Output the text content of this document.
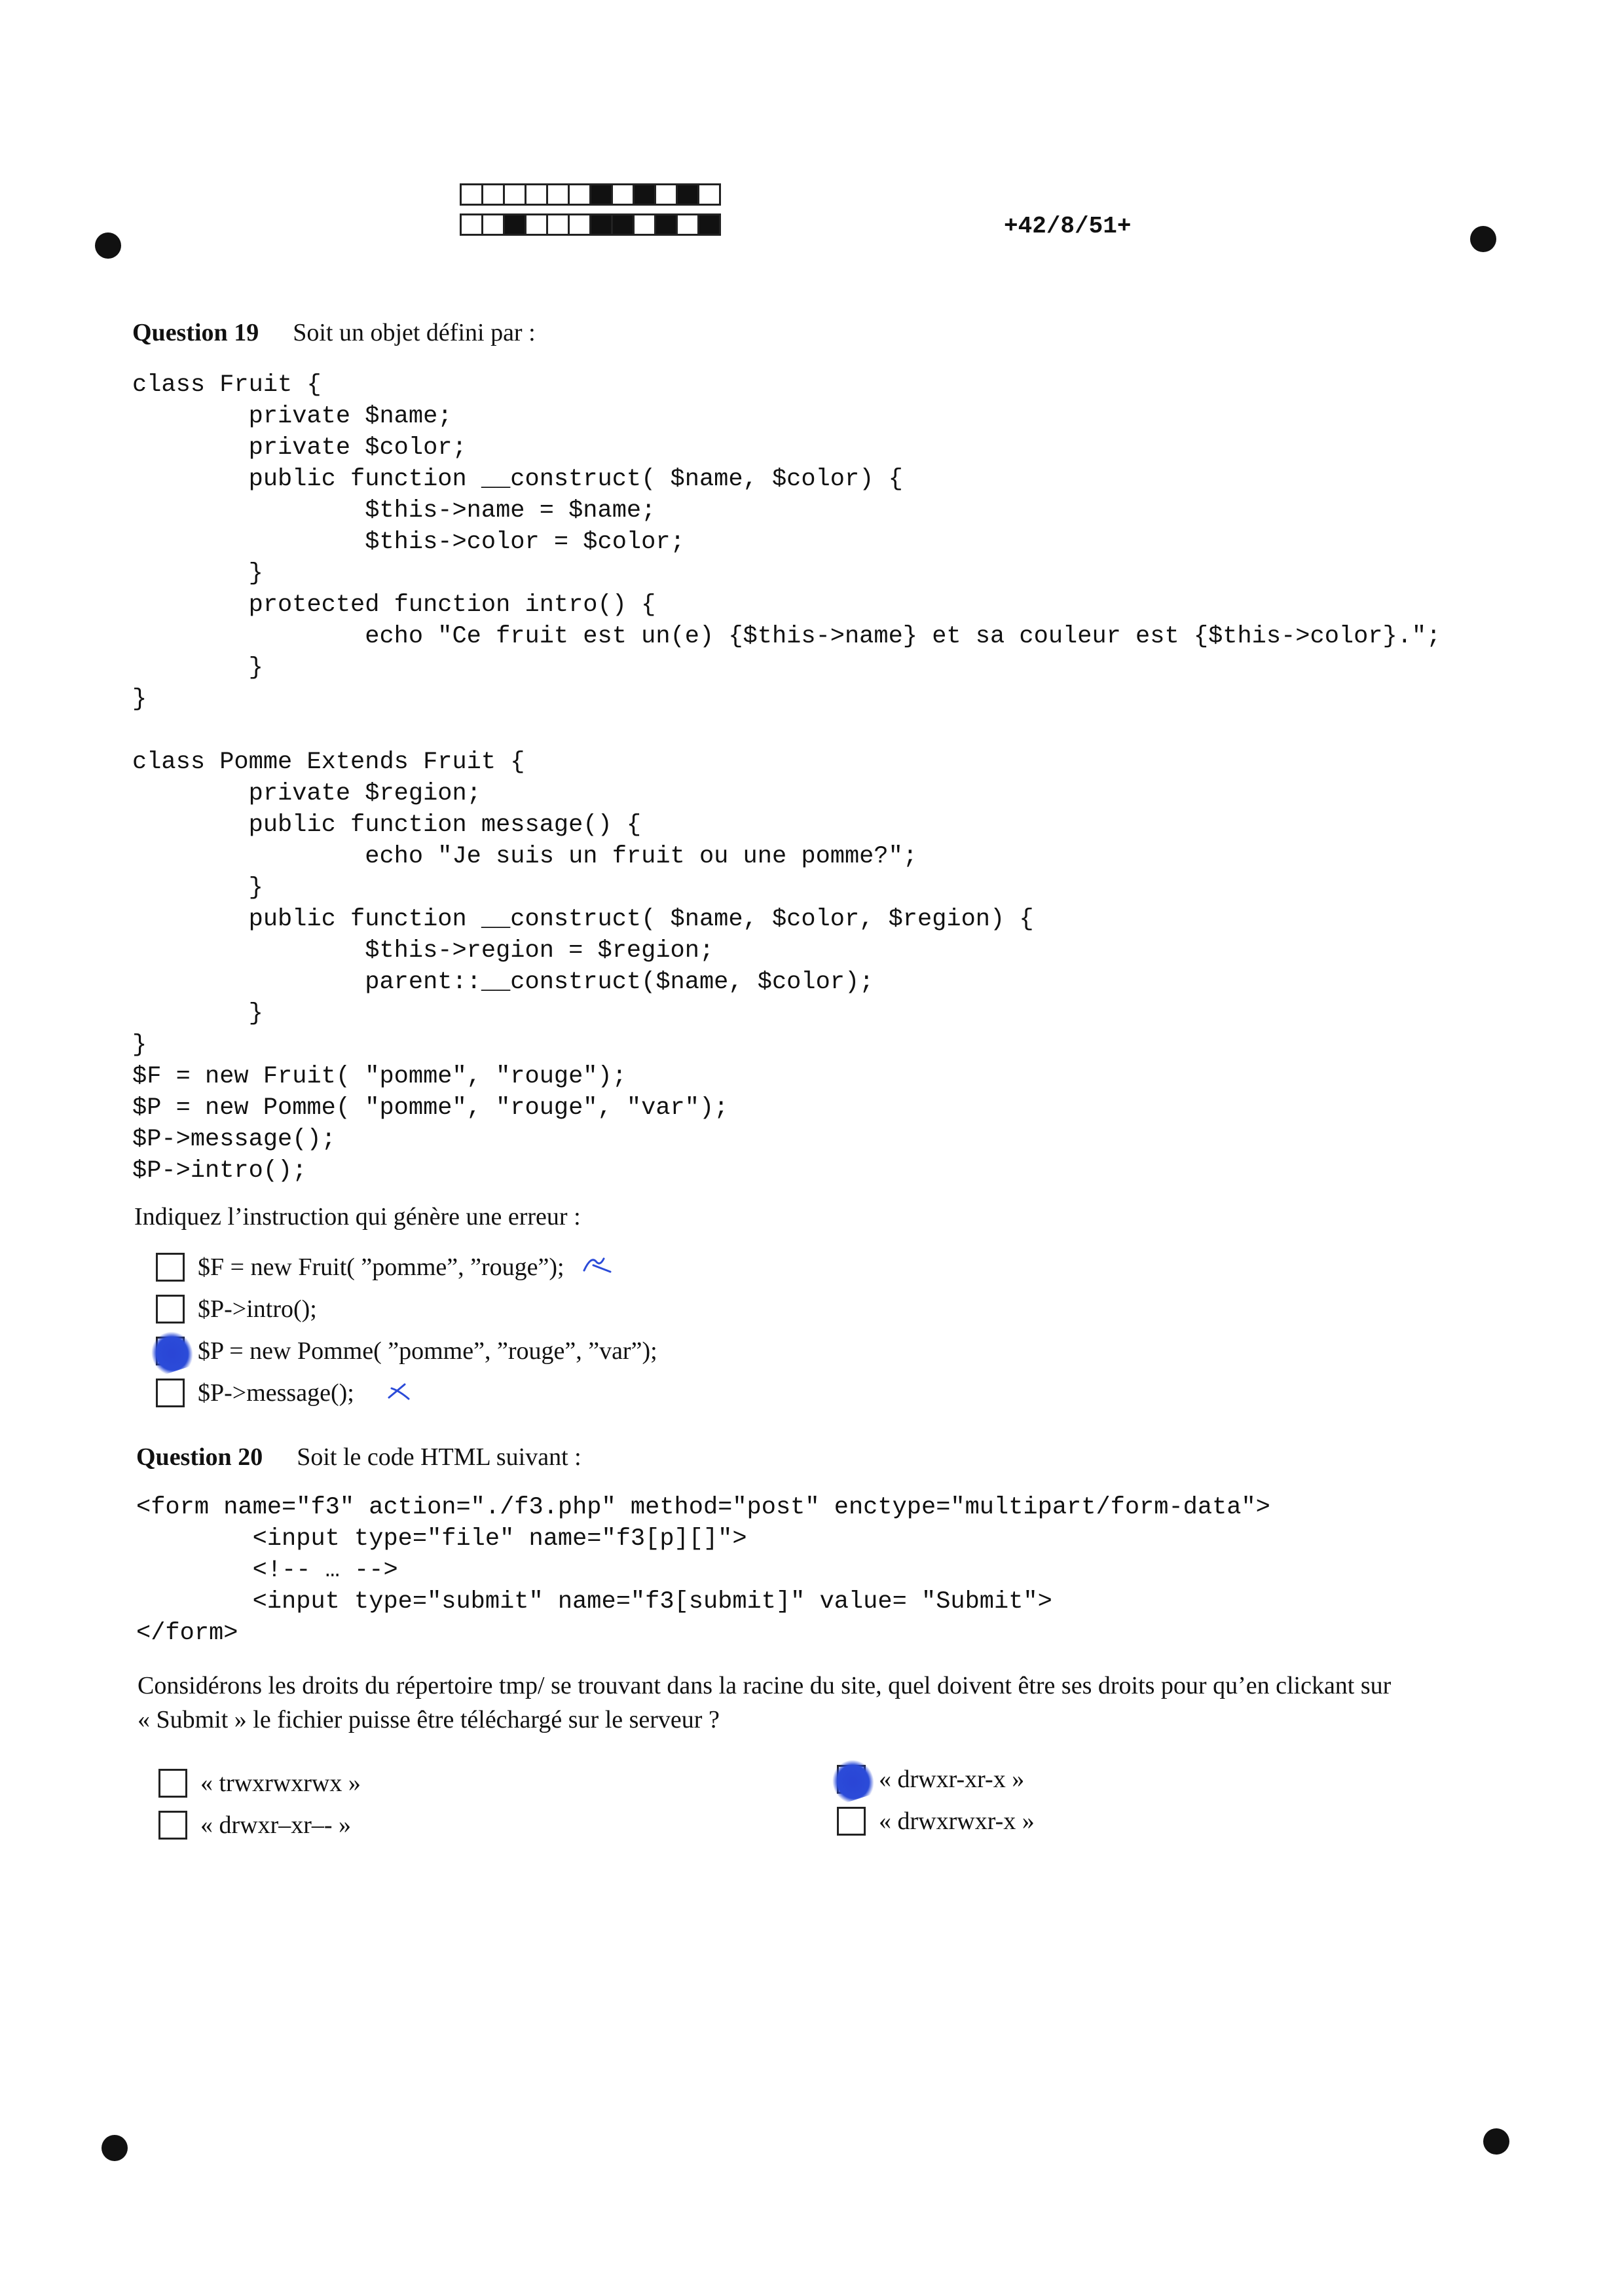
+42/8/51+
Question 19 Soit un objet défini par :
class Fruit {
private $name;
private $color;
public function __construct( $name, $color) {
$this->name = $name;
$this->color = $color;
}
protected function intro() {
echo "Ce fruit est un(e) {$this->name} et sa couleur est {$this->color}.";
}
}

class Pomme Extends Fruit {
private $region;
public function message() {
echo "Je suis un fruit ou une pomme?";
}
public function __construct( $name, $color, $region) {
$this->region = $region;
parent::__construct($name, $color);
}
}
$F = new Fruit( "pomme", "rouge");
$P = new Pomme( "pomme", "rouge", "var");
$P->message();
$P->intro();
Indiquez l’instruction qui génère une erreur :
$F = new Fruit( ”pomme”, ”rouge”);
$P->intro();
$P = new Pomme( ”pomme”, ”rouge”, ”var”);
$P->message();
Question 20 Soit le code HTML suivant :
<form name="f3" action="./f3.php" method="post" enctype="multipart/form-data">
<input type="file" name="f3[p][]">
<!-- … -->
<input type="submit" name="f3[submit]" value= "Submit">
</form>
Considérons les droits du répertoire tmp/ se trouvant dans la racine du site, quel doivent être ses droits pour qu’en clickant sur
« Submit » le fichier puisse être téléchargé sur le serveur ?
« trwxrwxrwx »
« drwxr–xr–- »
« drwxr-xr-x »
« drwxrwxr-x »
